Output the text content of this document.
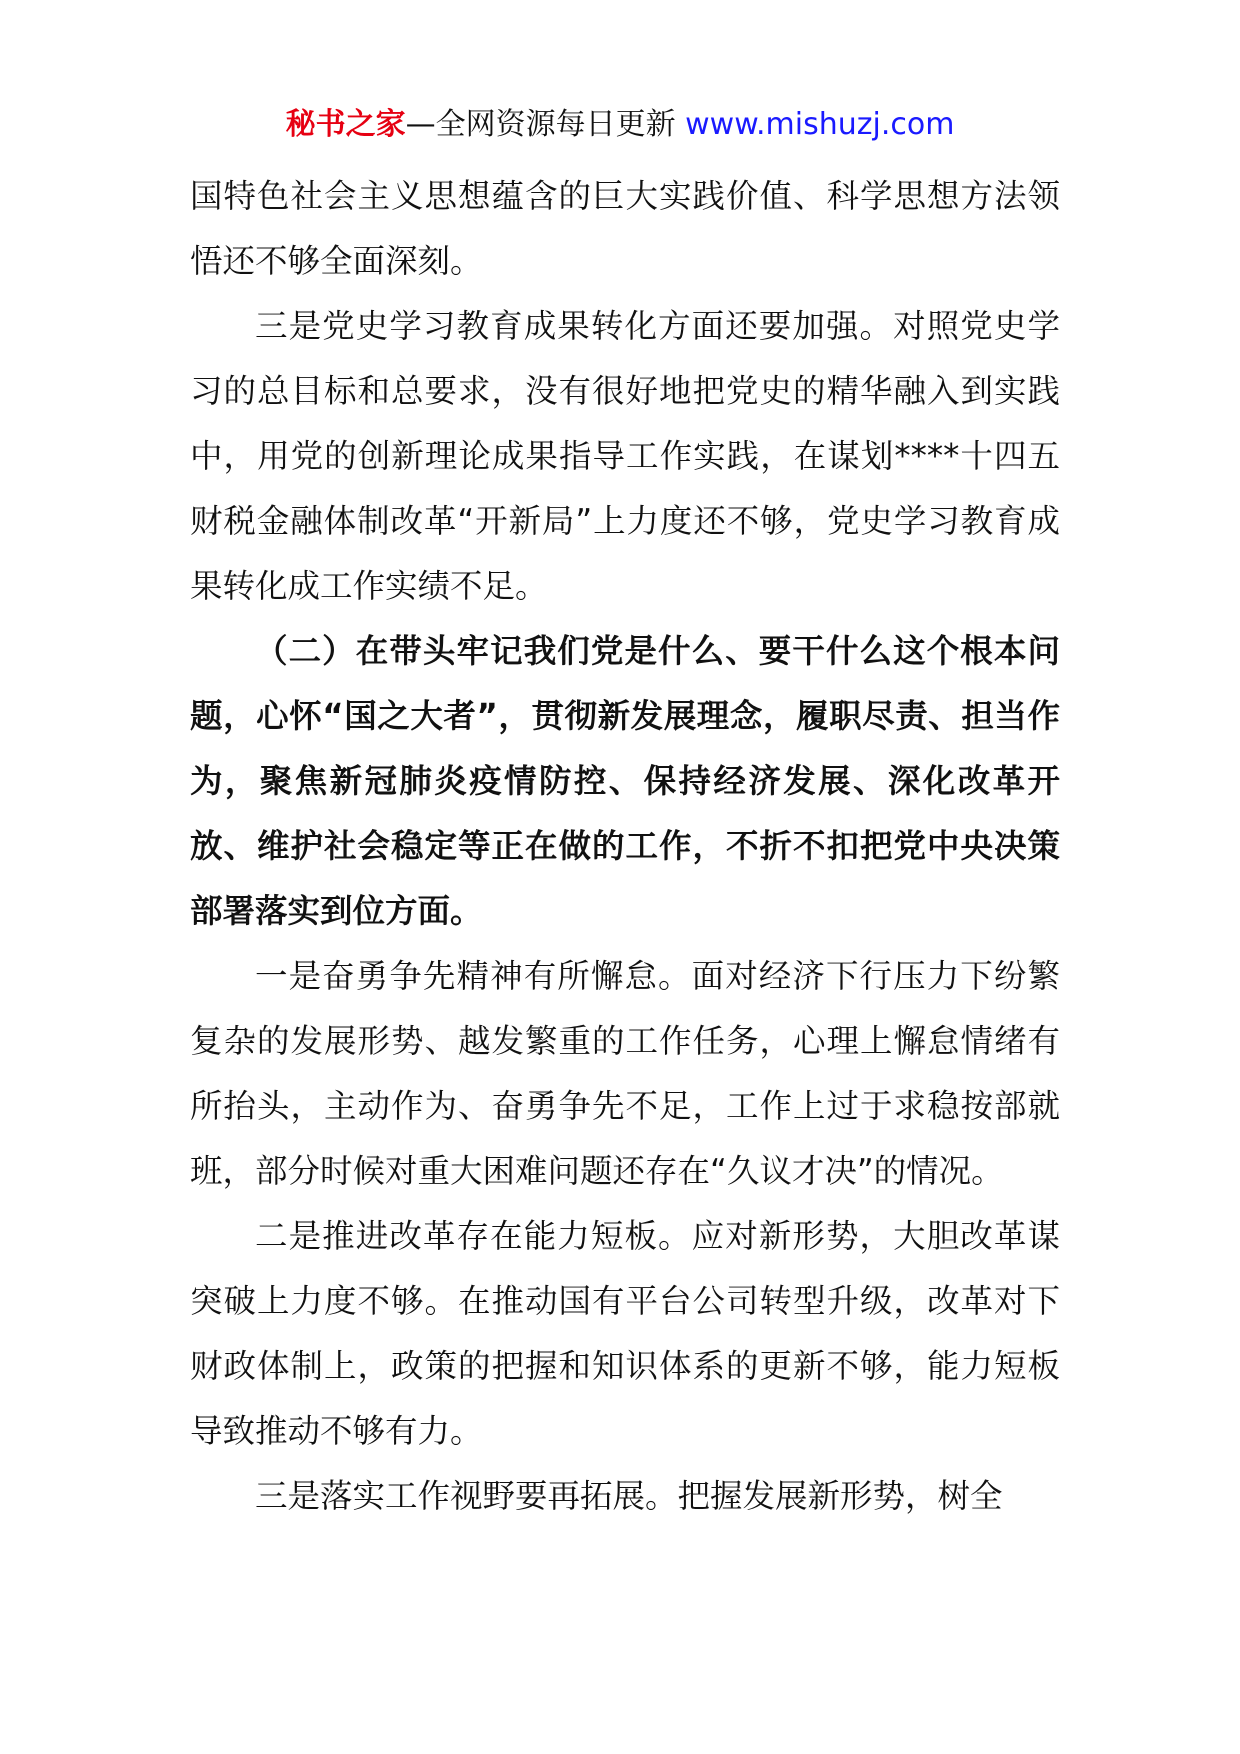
秘书之家—全网资源每日更新 www.mishuzj.com

国特色社会主义思想蕴含的巨大实践价值、科学思想方法领悟还不够全面深刻。

三是党史学习教育成果转化方面还要加强。对照党史学习的总目标和总要求，没有很好地把党史的精华融入到实践中，用党的创新理论成果指导工作实践，在谋划****十四五财税金融体制改革“开新局”上力度还不够，党史学习教育成果转化成工作实绩不足。

（二）在带头牢记我们党是什么、要干什么这个根本问题，心怀“国之大者”，贯彻新发展理念，履职尽责、担当作为，聚焦新冠肺炎疫情防控、保持经济发展、深化改革开放、维护社会稳定等正在做的工作，不折不扣把党中央决策部署落实到位方面。

一是奋勇争先精神有所懈怠。面对经济下行压力下纷繁复杂的发展形势、越发繁重的工作任务，心理上懈怠情绪有所抬头，主动作为、奋勇争先不足，工作上过于求稳按部就班，部分时候对重大困难问题还存在“久议才决”的情况。

二是推进改革存在能力短板。应对新形势，大胆改革谋突破上力度不够。在推动国有平台公司转型升级，改革对下财政体制上，政策的把握和知识体系的更新不够，能力短板导致推动不够有力。

三是落实工作视野要再拓展。把握发展新形势，树全
